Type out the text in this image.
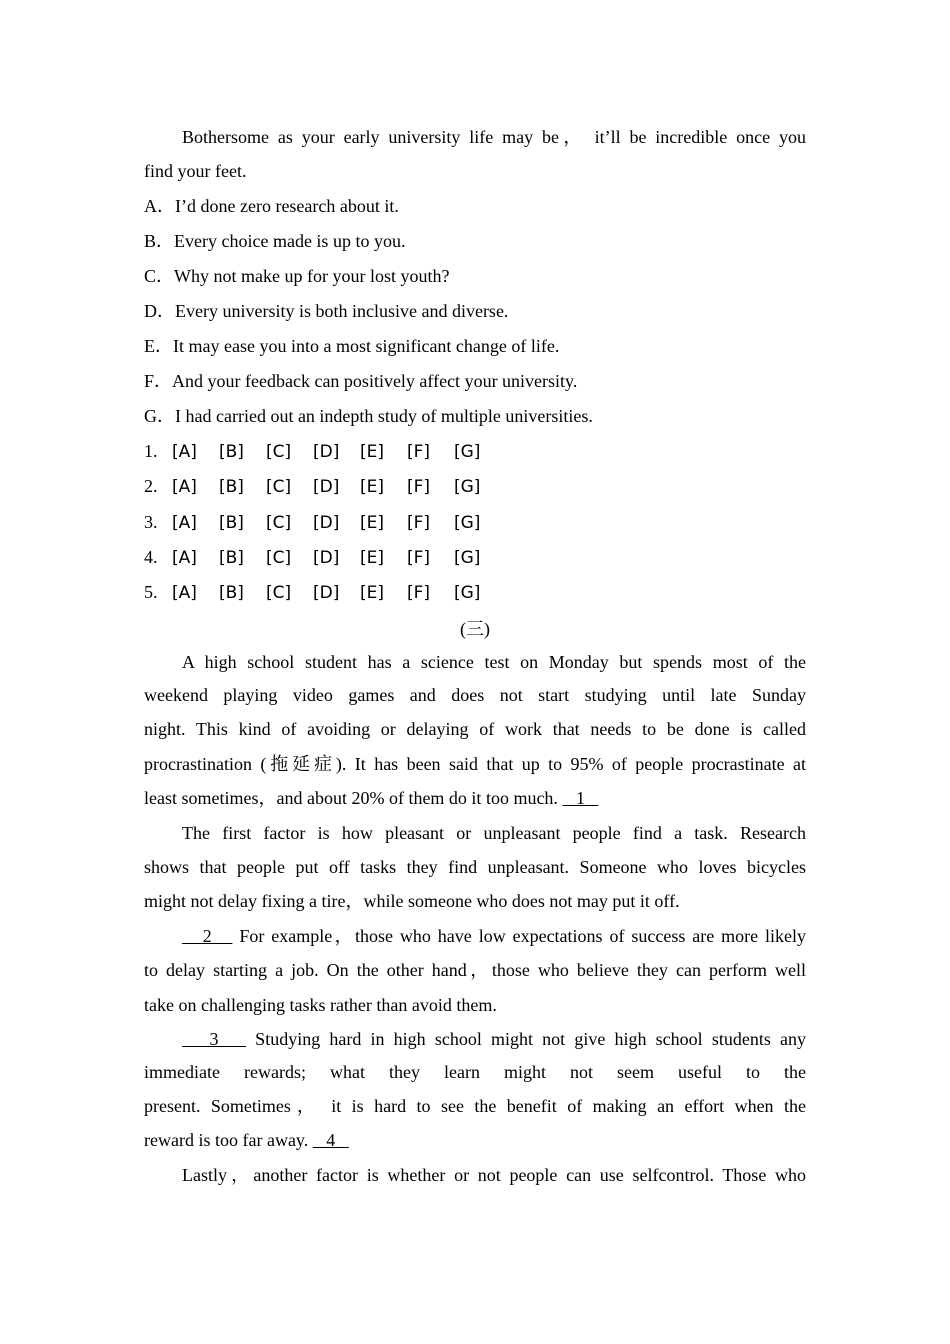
Bothersome as your early university life may be， it’ll be incredible once you
find your feet.
A．I’d done zero research about it.
B．Every choice made is up to you.
C．Why not make up for your lost youth?
D．Every university is both inclusive and diverse.
E．It may ease you into a most significant change of life.
F．And your feedback can positively affect your university.
G．I had carried out an indepth study of multiple universities.
1. [A] [B] [C] [D] [E] [F] [G]
2. [A] [B] [C] [D] [E] [F] [G]
3. [A] [B] [C] [D] [E] [F] [G]
4. [A] [B] [C] [D] [E] [F] [G]
5. [A] [B] [C] [D] [E] [F] [G]
(三)
A high school student has a science test on Monday but spends most of the
weekend playing video games and does not start studying until late Sunday
night. This kind of avoiding or delaying of work that needs to be done is called
procrastination (拖延症). It has been said that up to 95% of people procrastinate at
least sometimes，and about 20% of them do it too much.    1
The first factor is how pleasant or unpleasant people find a task. Research
shows that people put off tasks they find unpleasant. Someone who loves bicycles
might not delay fixing a tire，while someone who does not may put it off.
2    For example，those who have low expectations of success are more likely
to delay starting a job. On the other hand，those who believe they can perform well
take on challenging tasks rather than avoid them.
3    Studying hard in high school might not give high school students any
immediate rewards; what they learn might not seem useful to the
present. Sometimes， it is hard to see the benefit of making an effort when the
reward is too far away.    4
Lastly，another factor is whether or not people can use selfcontrol. Those who
